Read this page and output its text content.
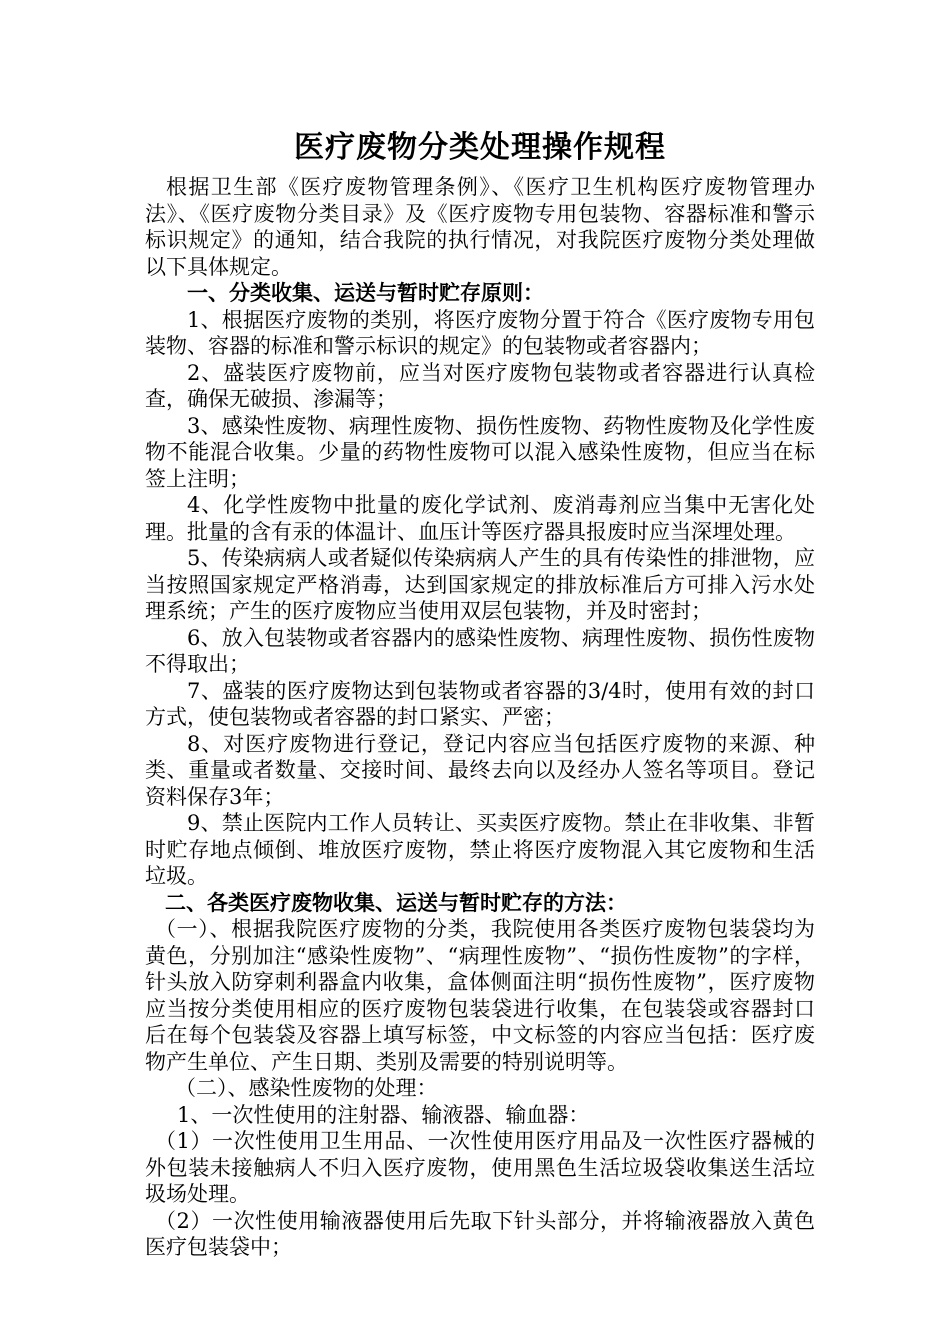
医疗废物分类处理操作规程

根据卫生部《医疗废物管理条例》、《医疗卫生机构医疗废物管理办法》、《医疗废物分类目录》及《医疗废物专用包装物、容器标准和警示标识规定》的通知，结合我院的执行情况，对我院医疗废物分类处理做以下具体规定。

一、分类收集、运送与暂时贮存原则：

1、根据医疗废物的类别，将医疗废物分置于符合《医疗废物专用包装物、容器的标准和警示标识的规定》的包装物或者容器内；

2、盛装医疗废物前，应当对医疗废物包装物或者容器进行认真检查，确保无破损、渗漏等；

3、感染性废物、病理性废物、损伤性废物、药物性废物及化学性废物不能混合收集。少量的药物性废物可以混入感染性废物，但应当在标签上注明；

4、化学性废物中批量的废化学试剂、废消毒剂应当集中无害化处理。批量的含有汞的体温计、血压计等医疗器具报废时应当深埋处理。

5、传染病病人或者疑似传染病病人产生的具有传染性的排泄物，应当按照国家规定严格消毒，达到国家规定的排放标准后方可排入污水处理系统；产生的医疗废物应当使用双层包装物，并及时密封；

6、放入包装物或者容器内的感染性废物、病理性废物、损伤性废物不得取出；

7、盛装的医疗废物达到包装物或者容器的3/4时，使用有效的封口方式，使包装物或者容器的封口紧实、严密；

8、对医疗废物进行登记，登记内容应当包括医疗废物的来源、种类、重量或者数量、交接时间、最终去向以及经办人签名等项目。登记资料保存3年；

9、禁止医院内工作人员转让、买卖医疗废物。禁止在非收集、非暂时贮存地点倾倒、堆放医疗废物，禁止将医疗废物混入其它废物和生活垃圾。

二、各类医疗废物收集、运送与暂时贮存的方法：

（一）、根据我院医疗废物的分类，我院使用各类医疗废物包装袋均为黄色，分别加注“感染性废物”、“病理性废物”、“损伤性废物”的字样，针头放入防穿刺利器盒内收集，盒体侧面注明“损伤性废物”，医疗废物应当按分类使用相应的医疗废物包装袋进行收集，在包装袋或容器封口后在每个包装袋及容器上填写标签，中文标签的内容应当包括：医疗废物产生单位、产生日期、类别及需要的特别说明等。

（二）、感染性废物的处理：

1、一次性使用的注射器、输液器、输血器：

（1）一次性使用卫生用品、一次性使用医疗用品及一次性医疗器械的外包装未接触病人不归入医疗废物，使用黑色生活垃圾袋收集送生活垃圾场处理。

（2）一次性使用输液器使用后先取下针头部分，并将输液器放入黄色医疗包装袋中；
